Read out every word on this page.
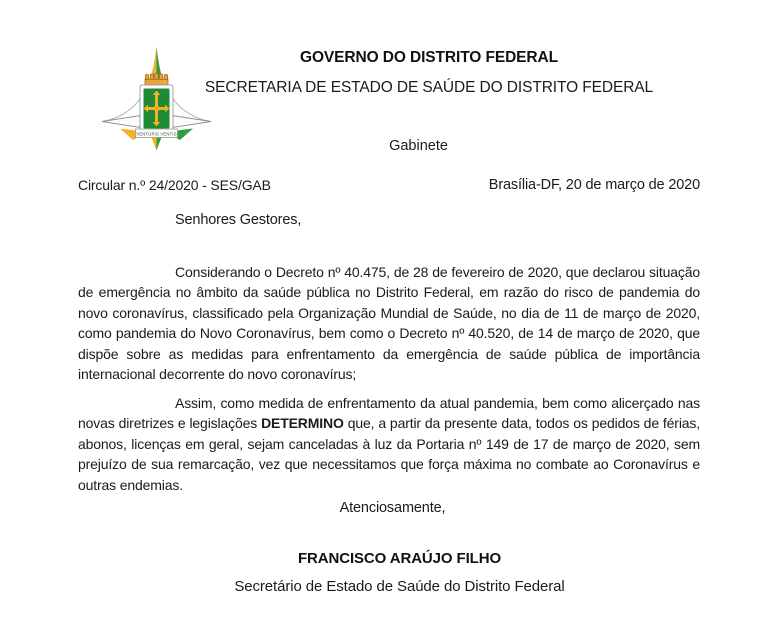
VENTURIS VENTIS
GOVERNO DO DISTRITO FEDERAL
SECRETARIA DE ESTADO DE SAÚDE DO DISTRITO FEDERAL
Gabinete
Circular n.º 24/2020 - SES/GAB	Brasília-DF, 20 de março de 2020
Senhores Gestores,
Considerando o Decreto nº 40.475, de 28 de fevereiro de 2020, que declarou situação de emergência no âmbito da saúde pública no Distrito Federal, em razão do risco de pandemia do novo coronavírus, classificado pela Organização Mundial de Saúde, no dia de 11 de março de 2020, como pandemia do Novo Coronavírus, bem como o Decreto nº 40.520, de 14 de março de 2020, que dispõe sobre as medidas para enfrentamento da emergência de saúde pública de importância internacional decorrente do novo coronavírus;
Assim, como medida de enfrentamento da atual pandemia, bem como alicerçado nas novas diretrizes e legislações DETERMINO que, a partir da presente data, todos os pedidos de férias, abonos, licenças em geral, sejam canceladas à luz da Portaria nº 149 de 17 de março de 2020, sem prejuízo de sua remarcação, vez que necessitamos que força máxima no combate ao Coronavírus e outras endemias.
Atenciosamente,
FRANCISCO ARAÚJO FILHO
Secretário de Estado de Saúde do Distrito Federal
